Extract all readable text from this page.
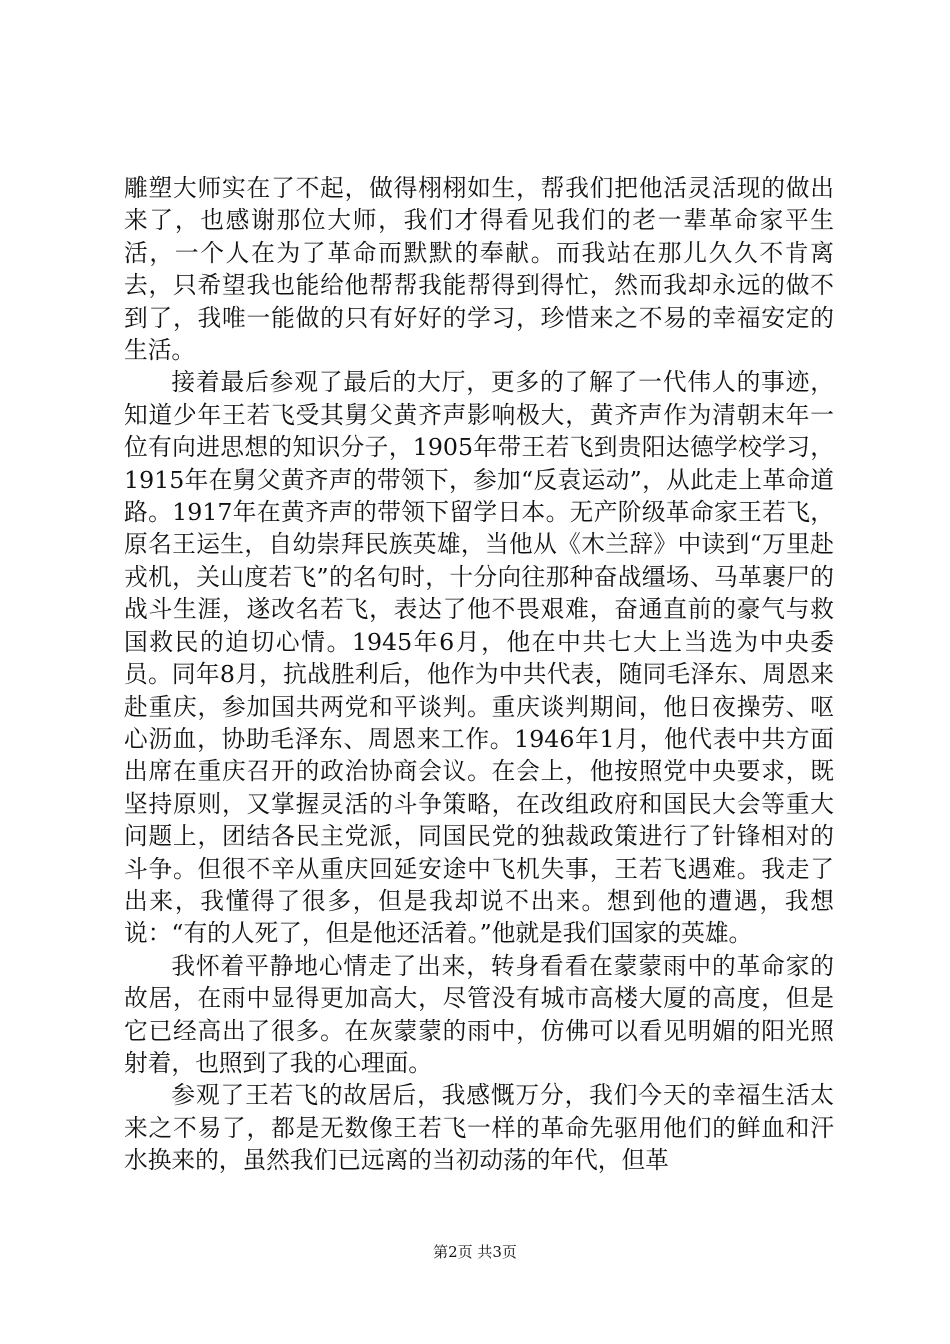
雕塑大师实在了不起，做得栩栩如生，帮我们把他活灵活现的做出来了，也感谢那位大师，我们才得看见我们的老一辈革命家平生活，一个人在为了革命而默默的奉献。而我站在那儿久久不肯离去，只希望我也能给他帮帮我能帮得到得忙，然而我却永远的做不到了，我唯一能做的只有好好的学习，珍惜来之不易的幸福安定的生活。

接着最后参观了最后的大厅，更多的了解了一代伟人的事迹，知道少年王若飞受其舅父黄齐声影响极大，黄齐声作为清朝末年一位有向进思想的知识分子，1905年带王若飞到贵阳达德学校学习，1915年在舅父黄齐声的带领下，参加“反袁运动”，从此走上革命道路。1917年在黄齐声的带领下留学日本。无产阶级革命家王若飞，原名王运生，自幼崇拜民族英雄，当他从《木兰辞》中读到“万里赴戎机，关山度若飞”的名句时，十分向往那种奋战缰场、马革裹尸的战斗生涯，遂改名若飞，表达了他不畏艰难，奋通直前的豪气与救国救民的迫切心情。1945年6月，他在中共七大上当选为中央委员。同年8月，抗战胜利后，他作为中共代表，随同毛泽东、周恩来赴重庆，参加国共两党和平谈判。重庆谈判期间，他日夜操劳、呕心沥血，协助毛泽东、周恩来工作。1946年1月，他代表中共方面出席在重庆召开的政治协商会议。在会上，他按照党中央要求，既坚持原则，又掌握灵活的斗争策略，在改组政府和国民大会等重大问题上，团结各民主党派，同国民党的独裁政策进行了针锋相对的斗争。但很不辛从重庆回延安途中飞机失事，王若飞遇难。我走了出来，我懂得了很多，但是我却说不出来。想到他的遭遇，我想说：“有的人死了，但是他还活着。”他就是我们国家的英雄。

我怀着平静地心情走了出来，转身看看在蒙蒙雨中的革命家的故居，在雨中显得更加高大，尽管没有城市高楼大厦的高度，但是它已经高出了很多。在灰蒙蒙的雨中，仿佛可以看见明媚的阳光照射着，也照到了我的心理面。

参观了王若飞的故居后，我感慨万分，我们今天的幸福生活太来之不易了，都是无数像王若飞一样的革命先驱用他们的鲜血和汗水换来的，虽然我们已远离的当初动荡的年代，但革

第2页 共3页
